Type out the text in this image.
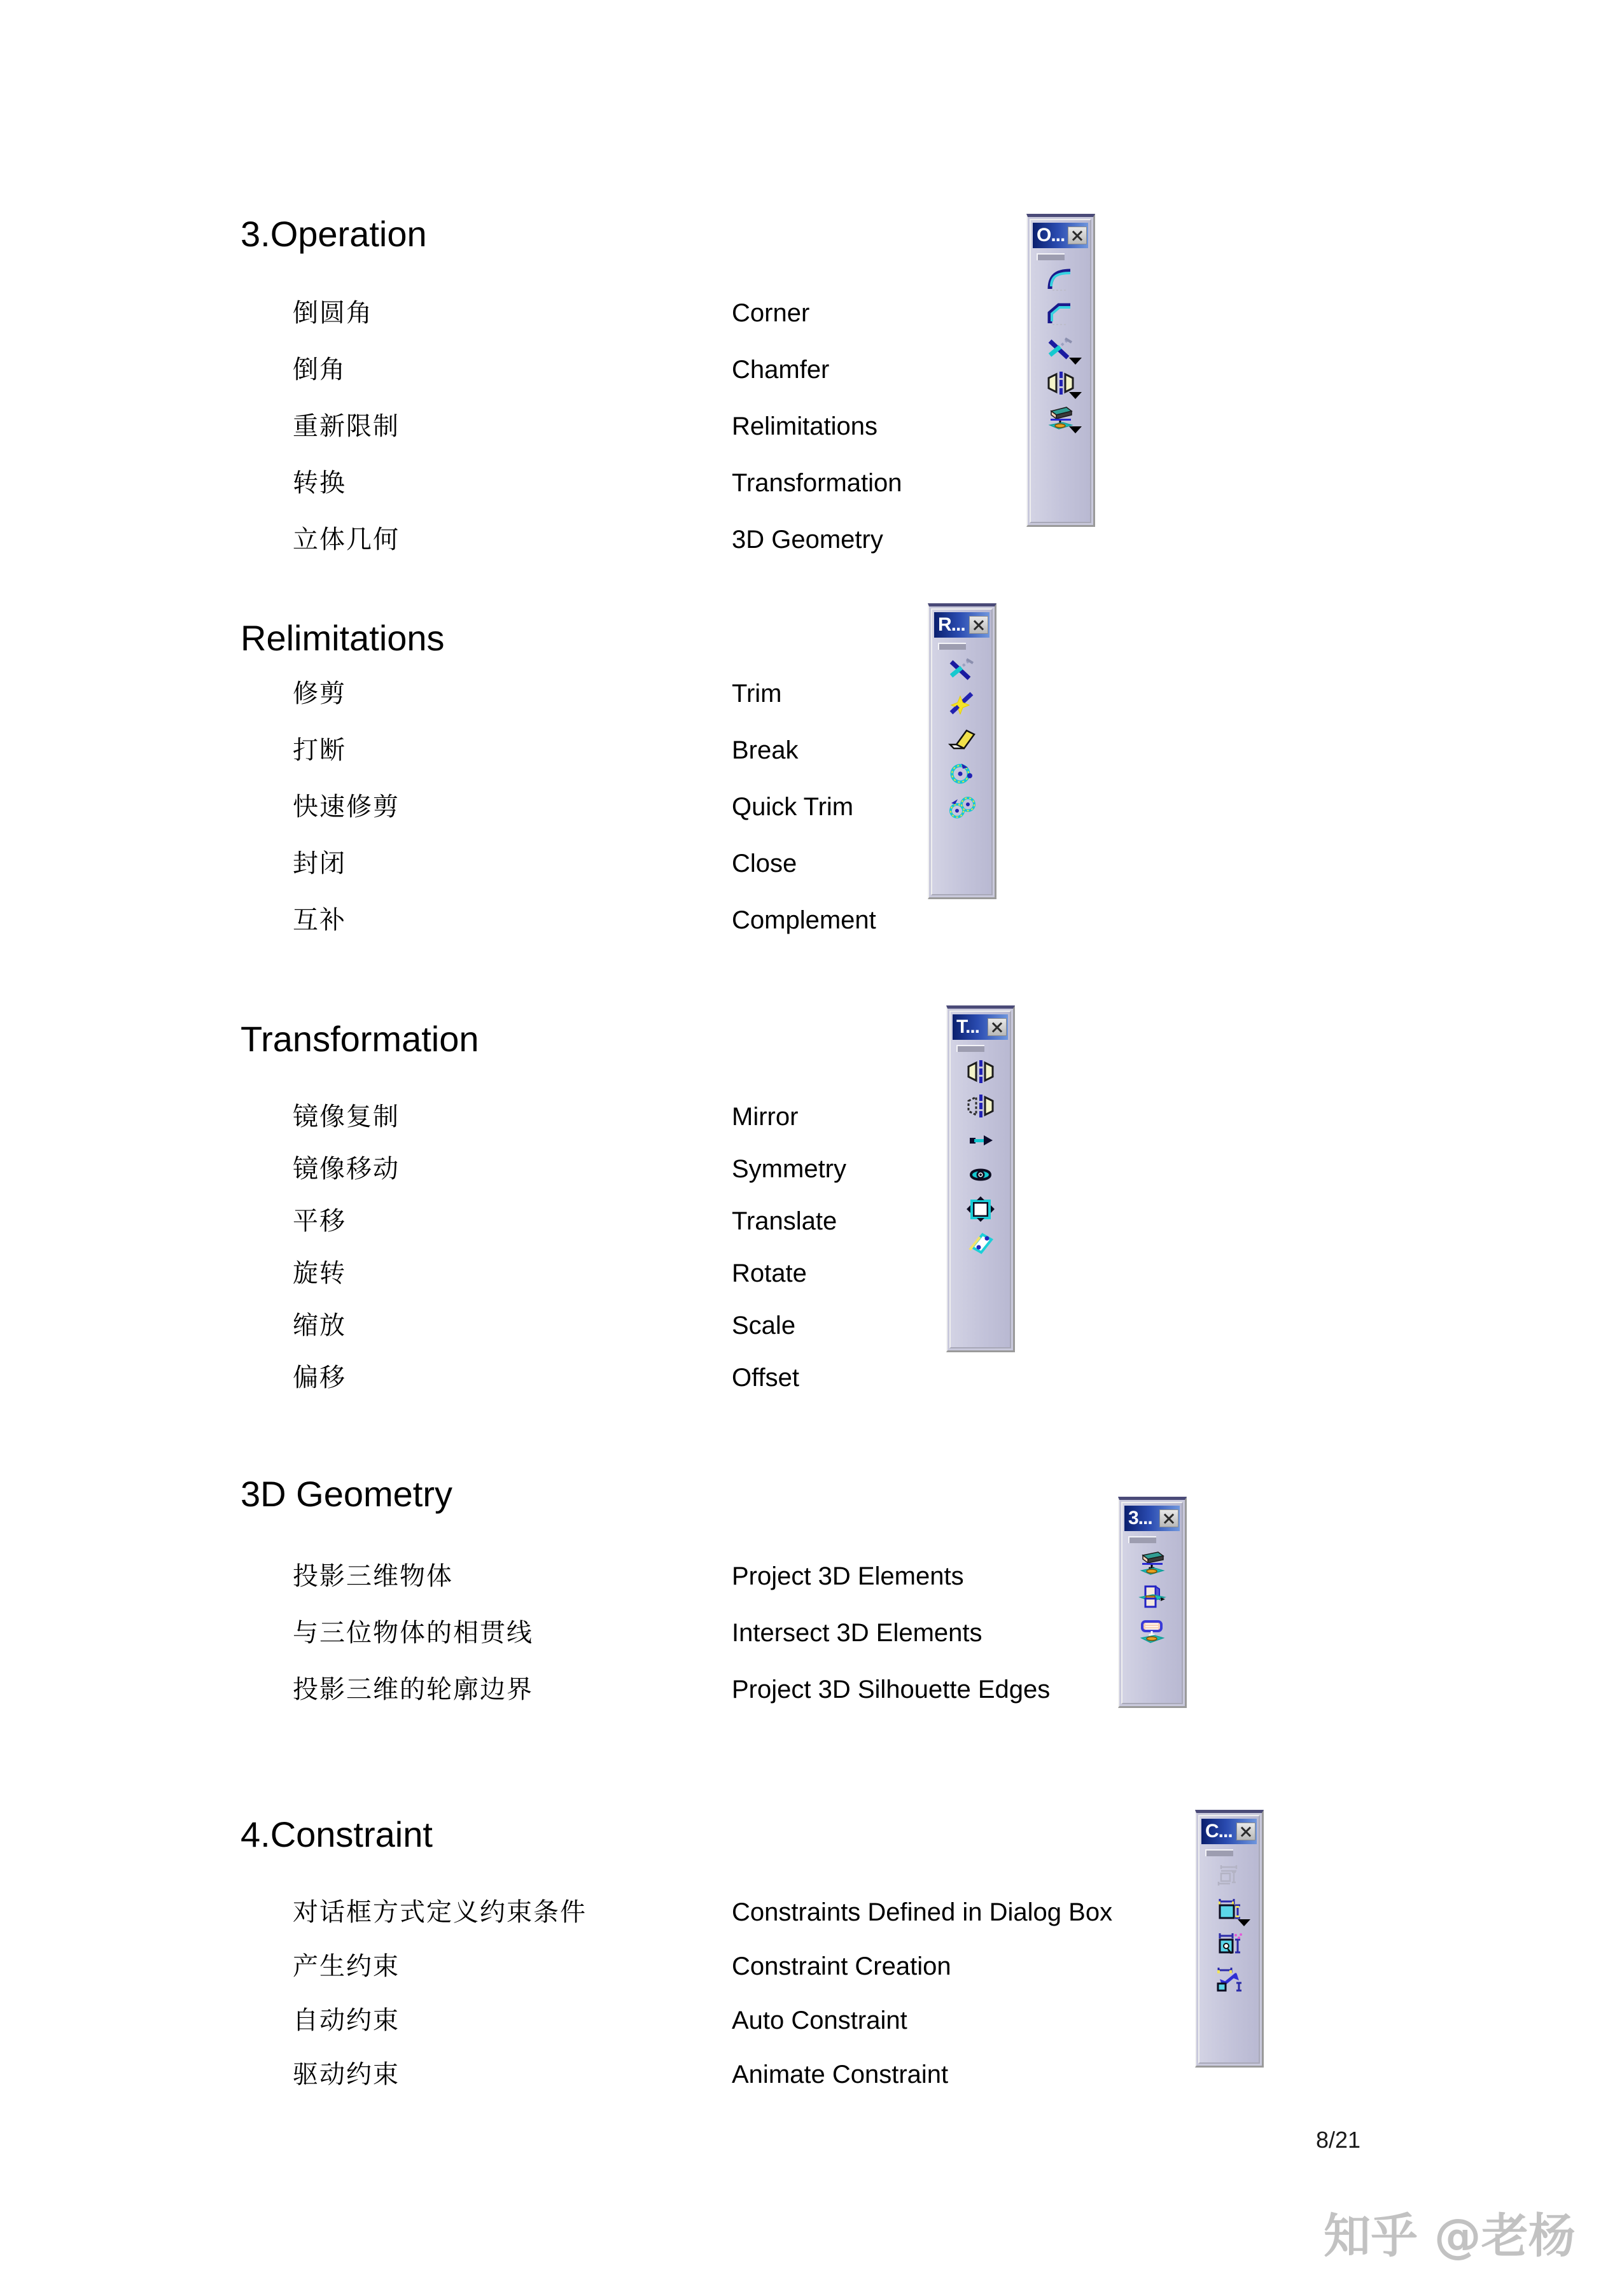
3.Operation
倒圆角	Corner
倒角	Chamfer
重新限制	Relimitations
转换	Transformation
立体几何	3D Geometry
O...
Relimitations
修剪	Trim
打断	Break
快速修剪	Quick Trim
封闭	Close
互补	Complement
R...
Transformation
镜像复制	Mirror
镜像移动	Symmetry
平移	Translate
旋转	Rotate
缩放	Scale
偏移	Offset
T...
3D Geometry
投影三维物体	Project 3D Elements
与三位物体的相贯线	Intersect 3D Elements
投影三维的轮廓边界	Project 3D Silhouette Edges
3...
4.Constraint
对话框方式定义约束条件	Constraints Defined in Dialog Box
产生约束	Constraint Creation
自动约束	Auto Constraint
驱动约束	Animate Constraint
C...
8/21
知乎 @老杨
